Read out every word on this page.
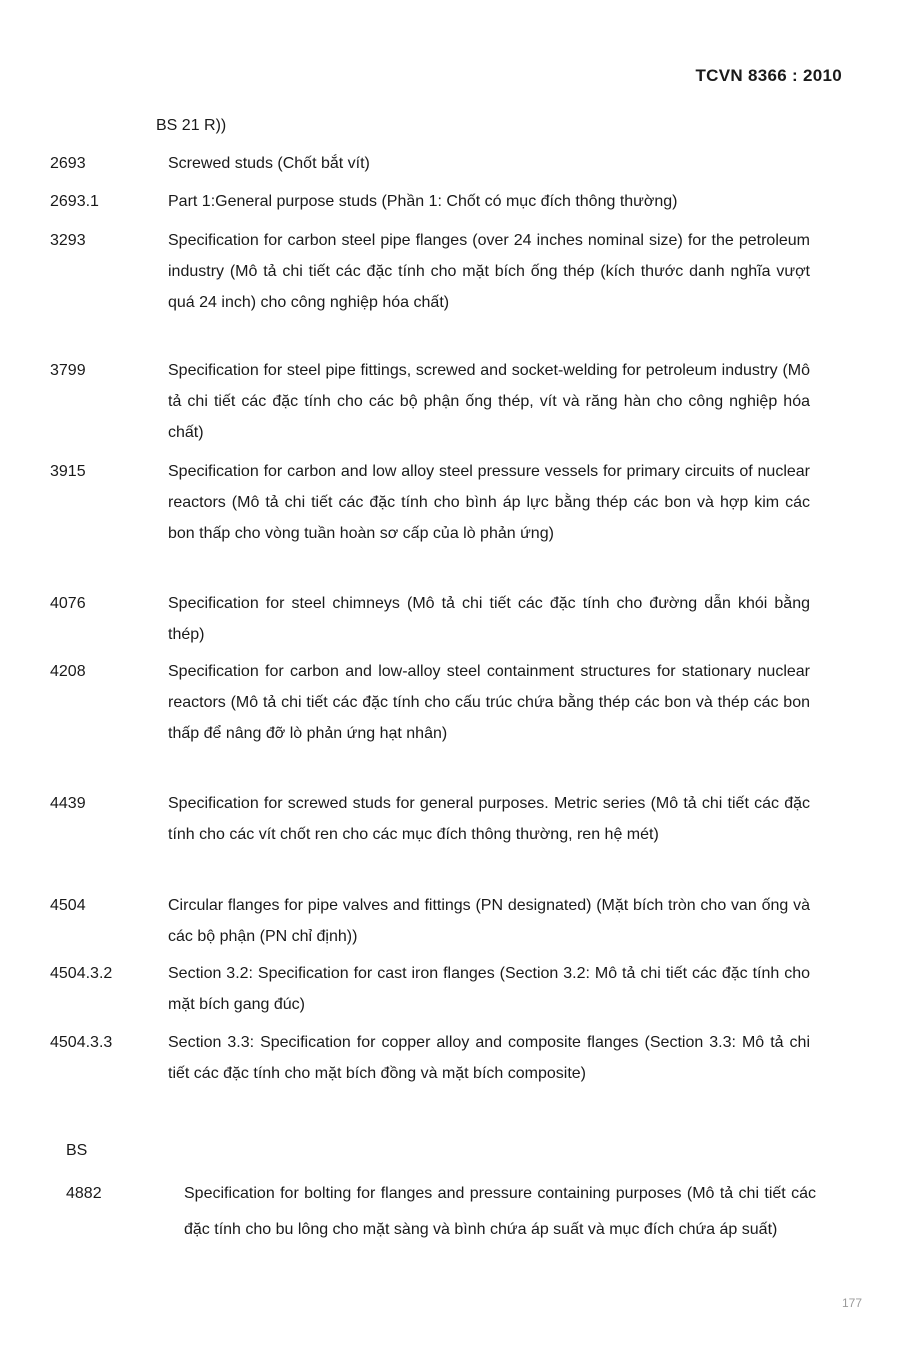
TCVN 8366 : 2010
BS 21 R))
2693	Screwed studs (Chốt bắt vít)
2693.1	Part 1:General purpose studs (Phần 1: Chốt có mục đích thông thường)
3293	Specification for carbon steel pipe flanges (over 24 inches nominal size) for the petroleum industry (Mô tả chi tiết các đặc tính cho mặt bích ống thép (kích thước danh nghĩa vượt quá 24 inch) cho công nghiệp hóa chất)
3799	Specification for steel pipe fittings, screwed and socket-welding for petroleum industry (Mô tả chi tiết các đặc tính cho các bộ phận ống thép, vít và răng hàn cho công nghiệp hóa chất)
3915	Specification for carbon and low alloy steel pressure vessels for primary circuits of nuclear reactors (Mô tả chi tiết các đặc tính cho bình áp lực bằng thép các bon và hợp kim các bon thấp cho vòng tuần hoàn sơ cấp của lò phản ứng)
4076	Specification for steel chimneys (Mô tả chi tiết các đặc tính cho đường dẫn khói bằng thép)
4208	Specification for carbon and low-alloy steel containment structures for stationary nuclear reactors (Mô tả chi tiết các đặc tính cho cấu trúc chứa bằng thép các bon và thép các bon thấp để nâng đỡ lò phản ứng hạt nhân)
4439	Specification for screwed studs for general purposes. Metric series (Mô tả chi tiết các đặc tính cho các vít chốt ren cho các mục đích thông thường, ren hệ mét)
4504	Circular flanges for pipe valves and fittings (PN designated) (Mặt bích tròn cho van ống và các bộ phận (PN chỉ định))
4504.3.2	Section 3.2: Specification for cast iron flanges (Section 3.2: Mô tả chi tiết các đặc tính cho mặt bích gang đúc)
4504.3.3	Section 3.3: Specification for copper alloy and composite flanges (Section 3.3: Mô tả chi tiết các đặc tính cho mặt bích đồng và mặt bích composite)
BS
4882	Specification for bolting for flanges and pressure containing purposes (Mô tả chi tiết các đặc tính cho bu lông cho mặt sàng và bình chứa áp suất và mục đích chứa áp suất)
177
